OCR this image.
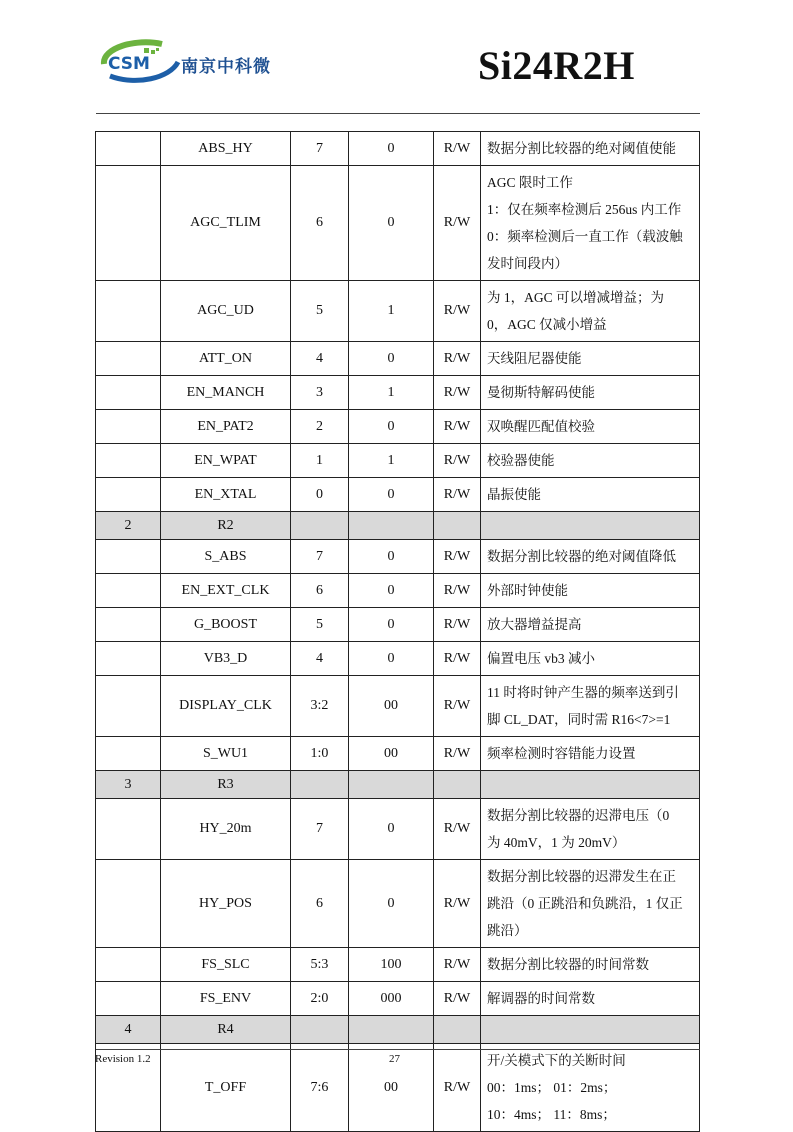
CSM 南京中科微	Si24R2H
	ABS_HY	7	0	R/W	数据分割比较器的绝对阈值使能

	AGC_TLIM	6	0	R/W	AGC 限时工作
1：仅在频率检测后 256us 内工作
0：频率检测后一直工作（载波触
发时间段内）

	AGC_UD	5	1	R/W	为 1，AGC 可以增减增益；为
0，AGC 仅减小增益

	ATT_ON	4	0	R/W	天线阻尼器使能

	EN_MANCH	3	1	R/W	曼彻斯特解码使能

	EN_PAT2	2	0	R/W	双唤醒匹配值校验

	EN_WPAT	1	1	R/W	校验器使能

	EN_XTAL	0	0	R/W	晶振使能

2	R2				
	S_ABS	7	0	R/W	数据分割比较器的绝对阈值降低

	EN_EXT_CLK	6	0	R/W	外部时钟使能

	G_BOOST	5	0	R/W	放大器增益提高

	VB3_D	4	0	R/W	偏置电压 vb3 减小

	DISPLAY_CLK	3:2	00	R/W	11 时将时钟产生器的频率送到引
脚 CL_DAT，同时需 R16<7>=1

	S_WU1	1:0	00	R/W	频率检测时容错能力设置

3	R3				
	HY_20m	7	0	R/W	数据分割比较器的迟滞电压（0
为 40mV，1 为 20mV）

	HY_POS	6	0	R/W	数据分割比较器的迟滞发生在正
跳沿（0 正跳沿和负跳沿，1 仅正
跳沿）

	FS_SLC	5:3	100	R/W	数据分割比较器的时间常数

	FS_ENV	2:0	000	R/W	解调器的时间常数

4	R4				
	T_OFF	7:6	00	R/W	开/关模式下的关断时间
00：1ms； 01：2ms；
10：4ms； 11：8ms；
Revision 1.2	27
